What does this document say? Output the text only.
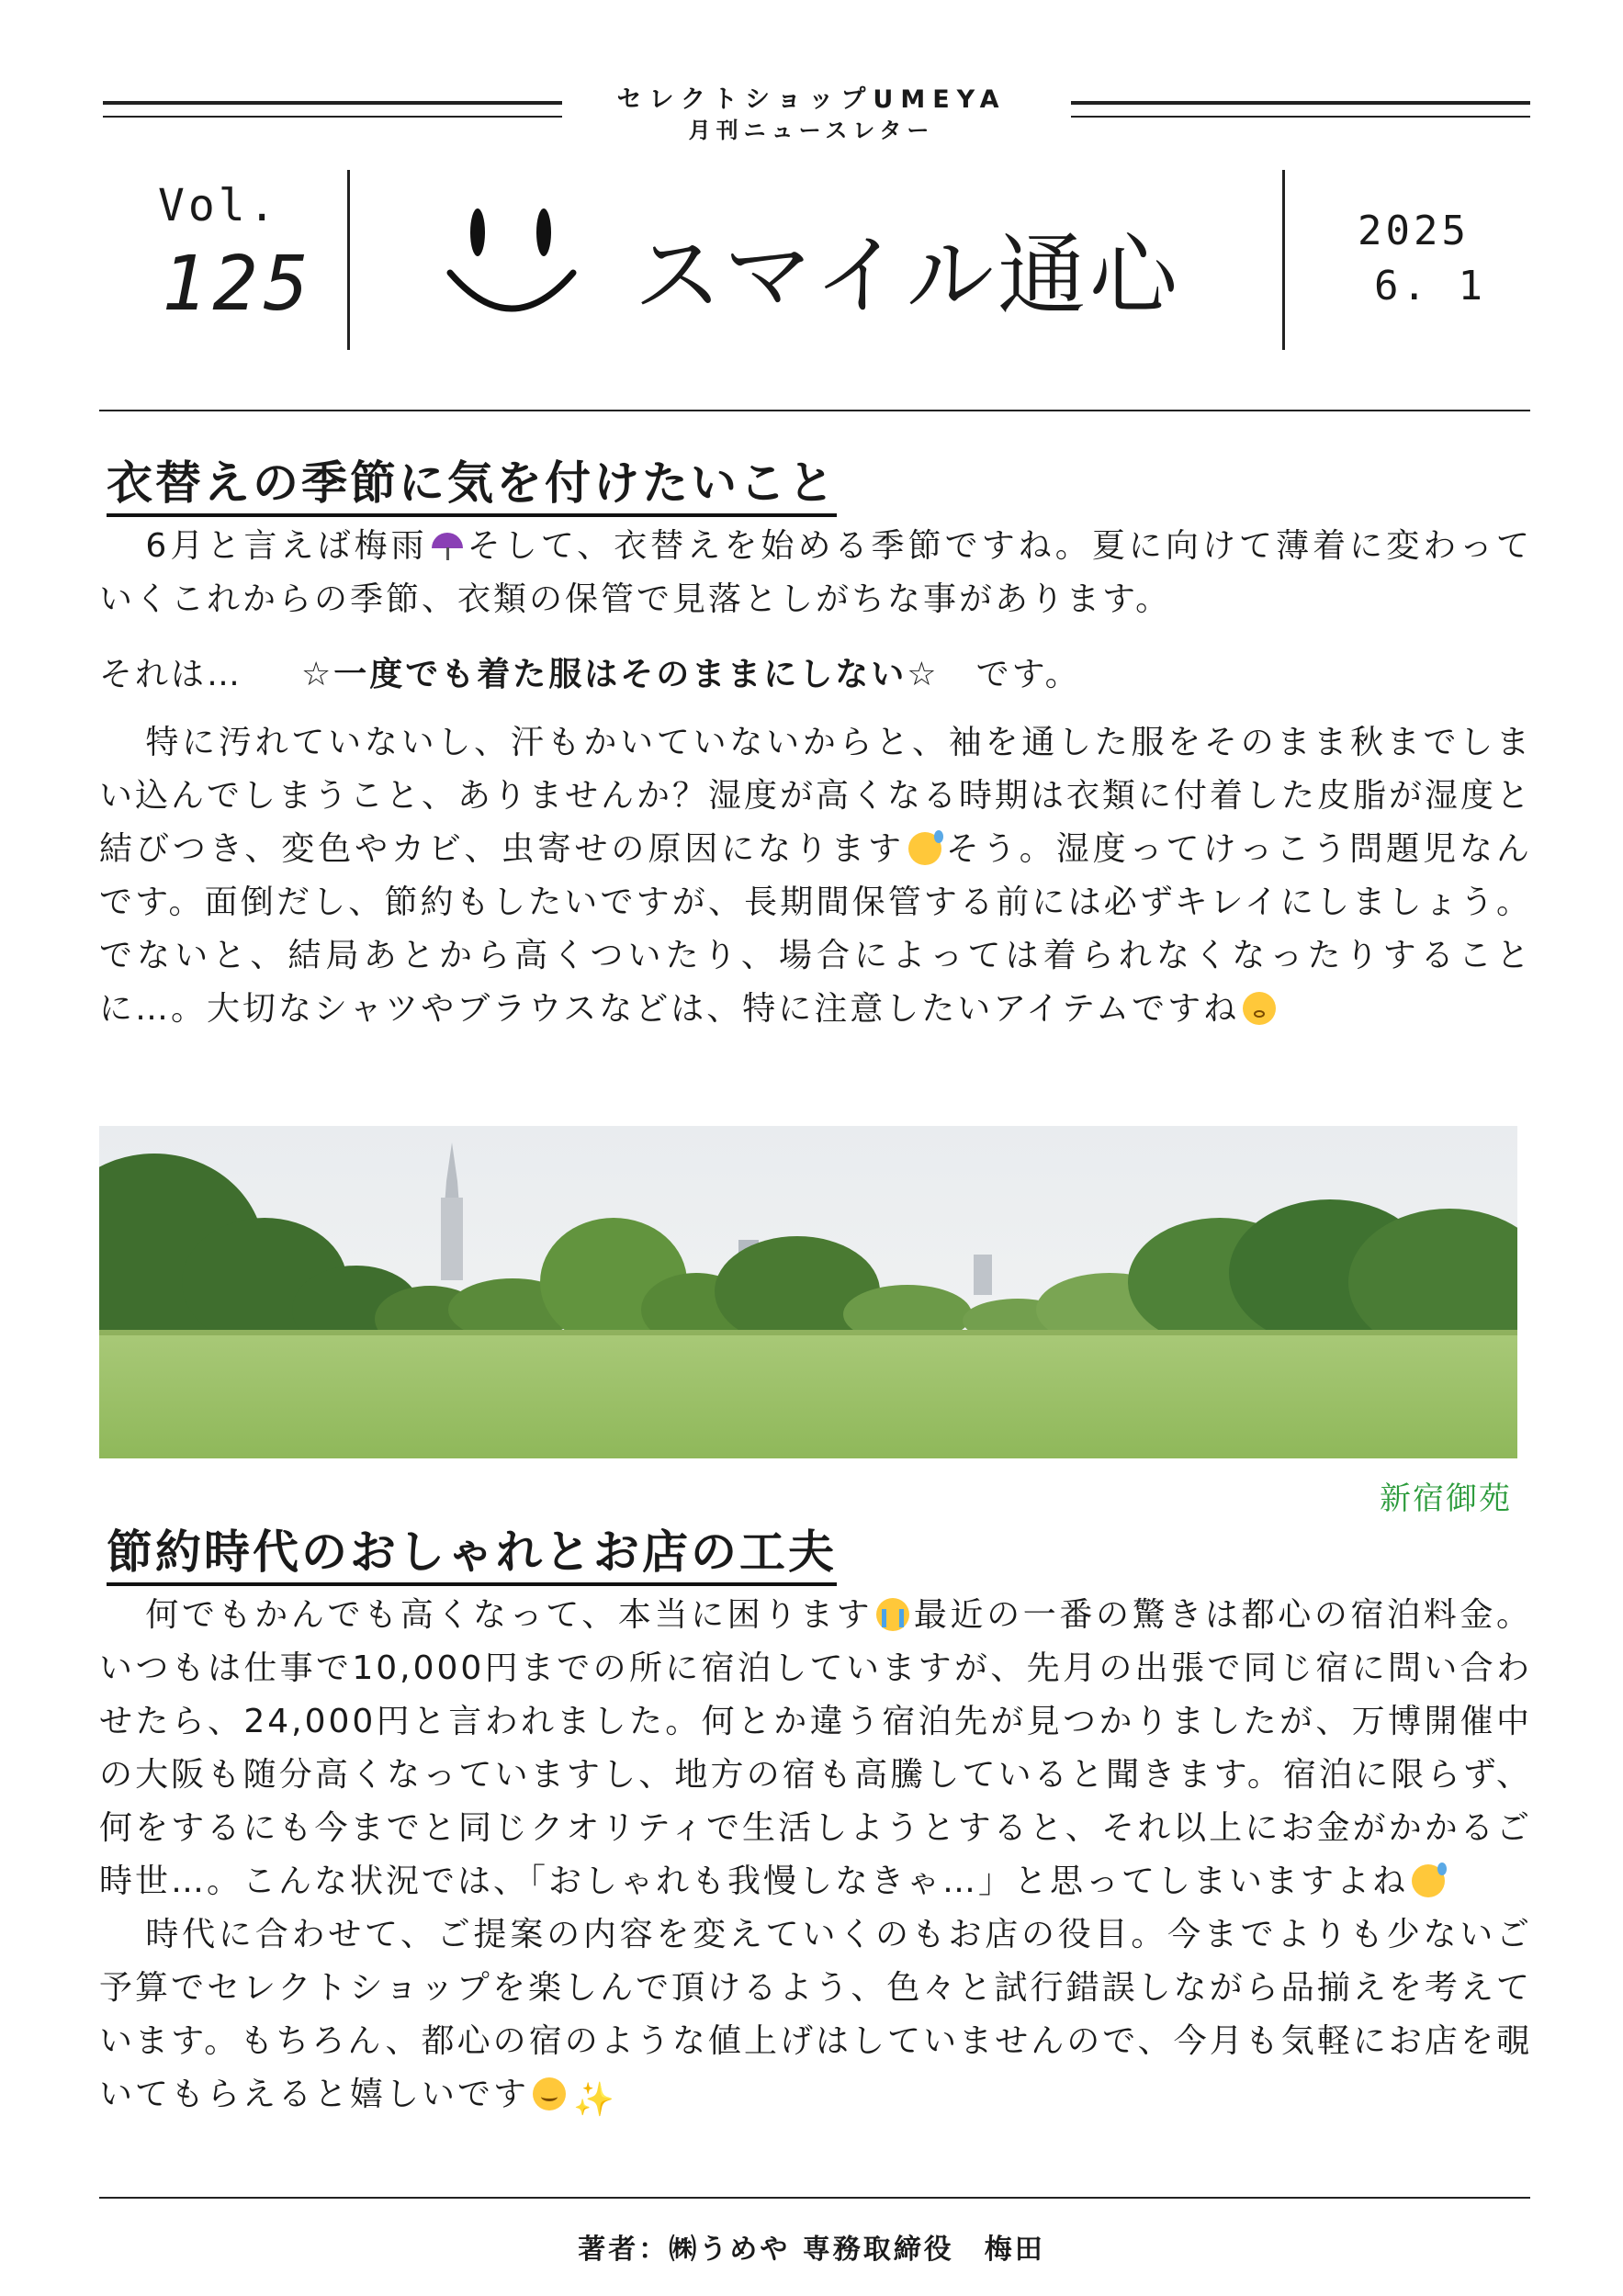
セレクトショップUMEYA
月刊ニュースレター
Vol.
125	スマイル通心	2025
6. 1
衣替えの季節に気を付けたいこと

6月と言えば梅雨 そして、衣替えを始める季節ですね。夏に向けて薄着に変わっていくこれからの季節、衣類の保管で見落としがちな事があります。

それは… ☆一度でも着た服はそのままにしない☆ です。

特に汚れていないし、汗もかいていないからと、袖を通した服をそのまま秋までしまい込んでしまうこと、ありませんか？湿度が高くなる時期は衣類に付着した皮脂が湿度と結びつき、変色やカビ、虫寄せの原因になります そう。湿度ってけっこう問題児なんです。面倒だし、節約もしたいですが、長期間保管する前には必ずキレイにしましょう。でないと、結局あとから高くついたり、場合によっては着られなくなったりすることに…。大切なシャツやブラウスなどは、特に注意したいアイテムですね

新宿御苑
節約時代のおしゃれとお店の工夫

何でもかんでも高くなって、本当に困ります 最近の一番の驚きは都心の宿泊料金。いつもは仕事で10,000円までの所に宿泊していますが、先月の出張で同じ宿に問い合わせたら、24,000円と言われました。何とか違う宿泊先が見つかりましたが、万博開催中の大阪も随分高くなっていますし、地方の宿も高騰していると聞きます。宿泊に限らず、何をするにも今までと同じクオリティで生活しようとすると、それ以上にお金がかかるご時世…。こんな状況では、「おしゃれも我慢しなきゃ…」と思ってしまいますよね

時代に合わせて、ご提案の内容を変えていくのもお店の役目。今までよりも少ないご予算でセレクトショップを楽しんで頂けるよう、色々と試行錯誤しながら品揃えを考えています。もちろん、都心の宿のような値上げはしていませんので、今月も気軽にお店を覗いてもらえると嬉しいです ✨

著者：㈱うめや 専務取締役　梅田
